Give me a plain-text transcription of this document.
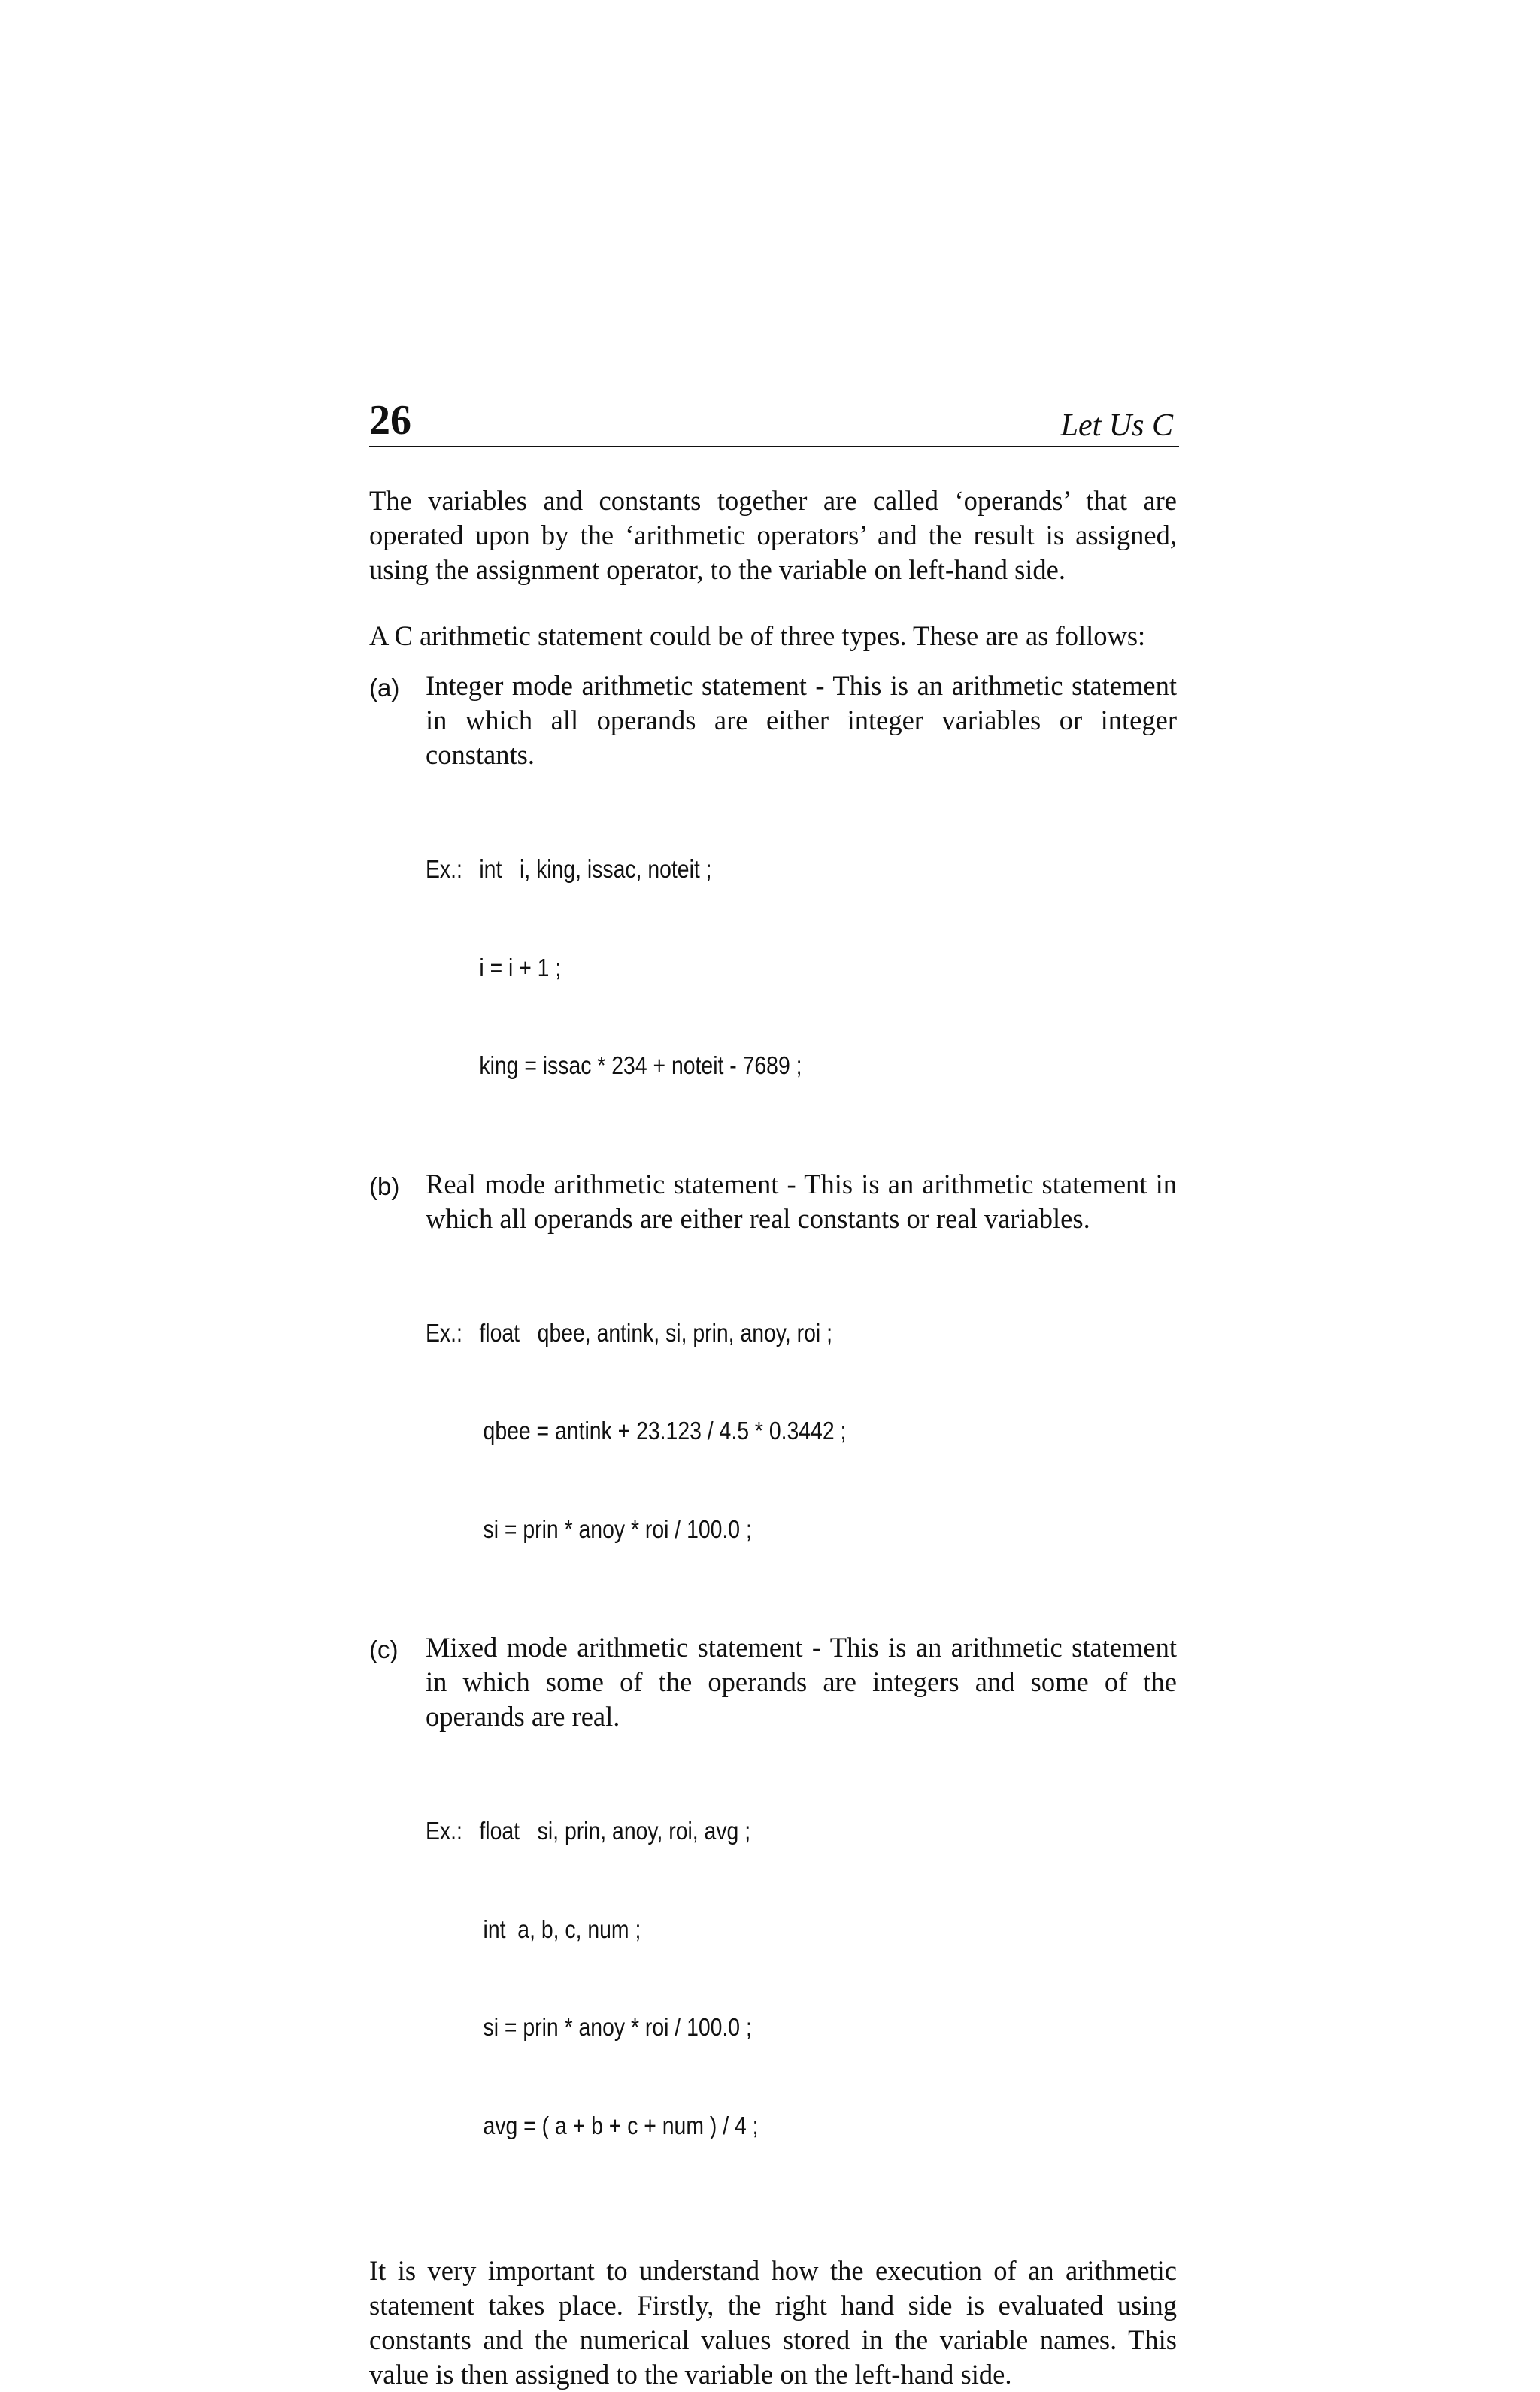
26	Let Us C

The variables and constants together are called ‘operands’ that are operated upon by the ‘arithmetic operators’ and the result is assigned, using the assignment operator, to the variable on left-hand side.

A C arithmetic statement could be of three types. These are as follows:

(a) Integer mode arithmetic statement - This is an arithmetic statement in which all operands are either integer variables or integer constants.

Ex.: int   i, king, issac, noteit ;

i = i + 1 ;

king = issac * 234 + noteit - 7689 ;

(b) Real mode arithmetic statement - This is an arithmetic statement in which all operands are either real constants or real variables.

Ex.: float   qbee, antink, si, prin, anoy, roi ;

qbee = antink + 23.123 / 4.5 * 0.3442 ;

si = prin * anoy * roi / 100.0 ;

(c) Mixed mode arithmetic statement - This is an arithmetic statement in which some of the operands are integers and some of the operands are real.

Ex.: float   si, prin, anoy, roi, avg ;

int  a, b, c, num ;

si = prin * anoy * roi / 100.0 ;

avg = ( a + b + c + num ) / 4 ;

It is very important to understand how the execution of an arithmetic statement takes place. Firstly, the right hand side is evaluated using constants and the numerical values stored in the variable names. This value is then assigned to the variable on the left-hand side.
